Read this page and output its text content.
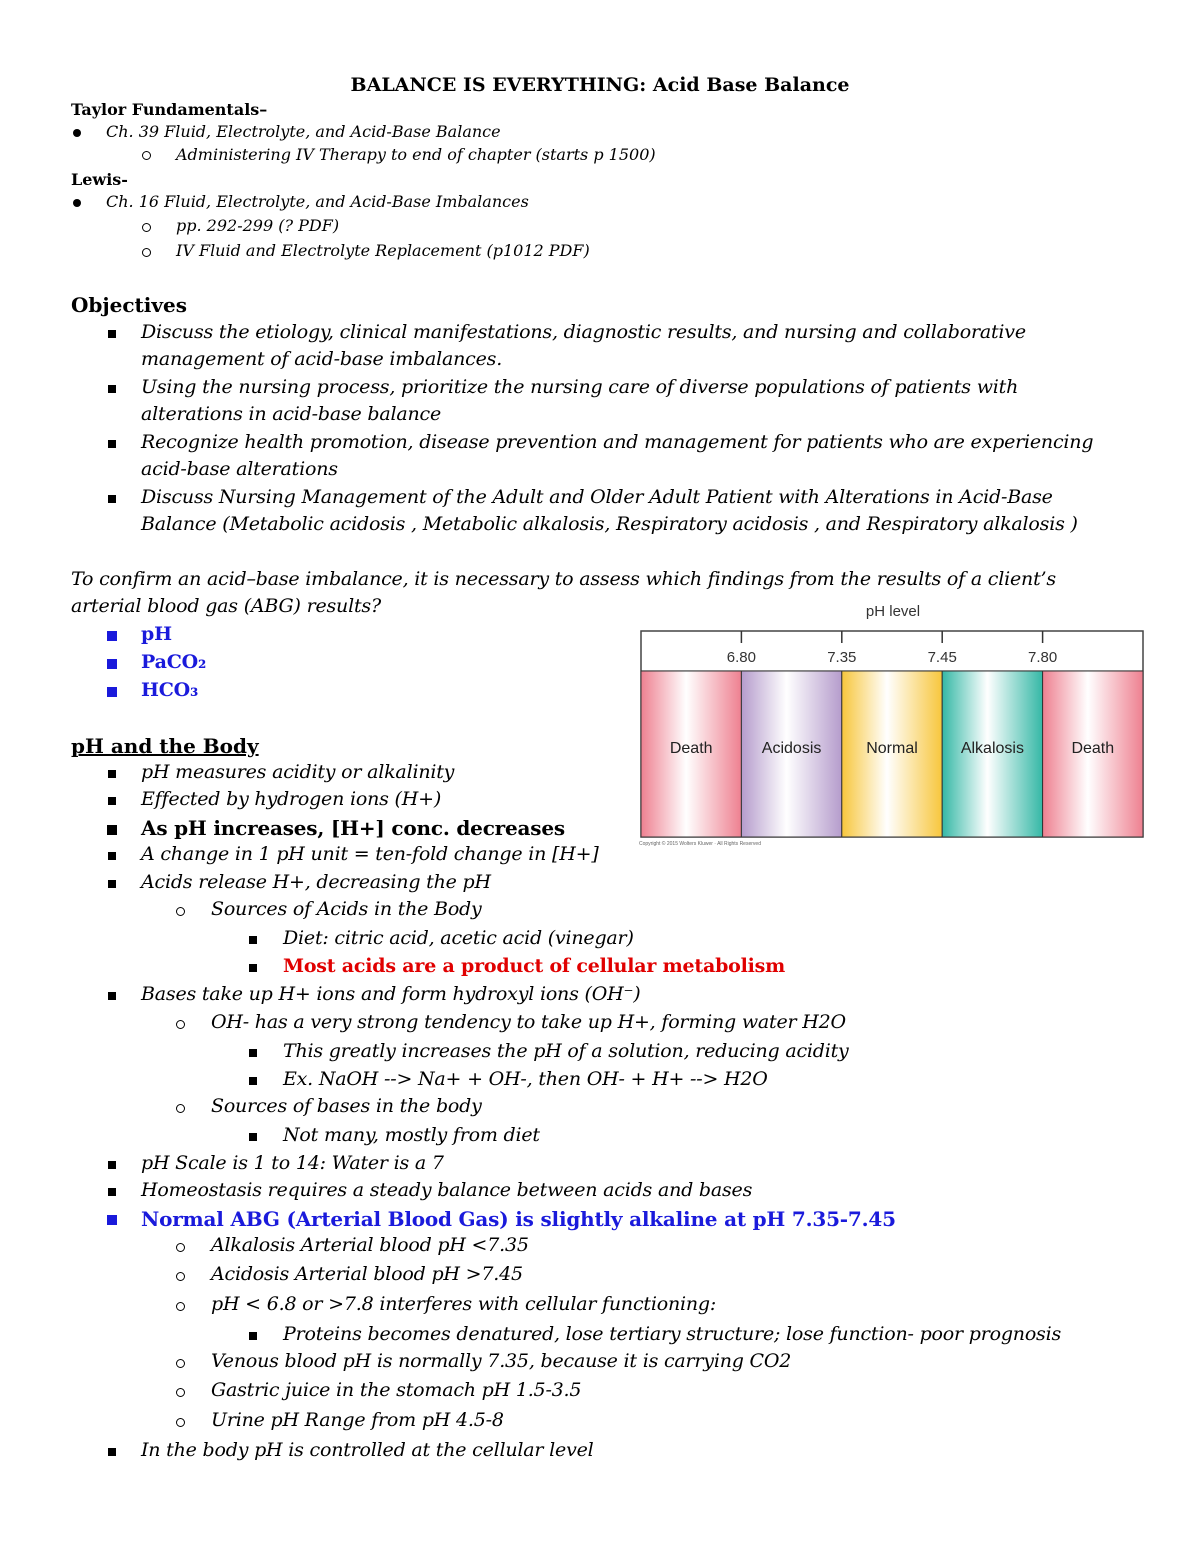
BALANCE IS EVERYTHING: Acid Base Balance
Taylor Fundamentals–
Ch. 39 Fluid, Electrolyte, and Acid-Base Balance
Administering IV Therapy to end of chapter (starts p 1500)
Lewis-
Ch. 16 Fluid, Electrolyte, and Acid-Base Imbalances
pp. 292-299 (? PDF)
IV Fluid and Electrolyte Replacement (p1012 PDF)
Objectives
Discuss the etiology, clinical manifestations, diagnostic results, and nursing and collaborative
management of acid-base imbalances.
Using the nursing process, prioritize the nursing care of diverse populations of patients with
alterations in acid-base balance
Recognize health promotion, disease prevention and management for patients who are experiencing
acid-base alterations
Discuss Nursing Management of the Adult and Older Adult Patient with Alterations in Acid-Base
Balance (Metabolic acidosis , Metabolic alkalosis, Respiratory acidosis , and Respiratory alkalosis )
To confirm an acid–base imbalance, it is necessary to assess which findings from the results of a client’s
arterial blood gas (ABG) results?
pH
PaCO₂
HCO₃
pH level
6.80	7.35	7.45	7.80
Death	Acidosis	Normal	Alkalosis	Death
Copyright © 2015 Wolters Kluwer · All Rights Reserved
pH and the Body
pH measures acidity or alkalinity
Effected by hydrogen ions (H+)
As pH increases, [H+] conc. decreases
A change in 1 pH unit = ten-fold change in [H+]
Acids release H+, decreasing the pH
Sources of Acids in the Body
Diet: citric acid, acetic acid (vinegar)
Most acids are a product of cellular metabolism
Bases take up H+ ions and form hydroxyl ions (OH⁻)
OH- has a very strong tendency to take up H+, forming water H2O
This greatly increases the pH of a solution, reducing acidity
Ex. NaOH --> Na+ + OH-, then OH- + H+ --> H2O
Sources of bases in the body
Not many, mostly from diet
pH Scale is 1 to 14: Water is a 7
Homeostasis requires a steady balance between acids and bases
Normal ABG (Arterial Blood Gas) is slightly alkaline at pH 7.35-7.45
Alkalosis Arterial blood pH <7.35
Acidosis Arterial blood pH >7.45
pH < 6.8 or >7.8 interferes with cellular functioning:
Proteins becomes denatured, lose tertiary structure; lose function- poor prognosis
Venous blood pH is normally 7.35, because it is carrying CO2
Gastric juice in the stomach pH 1.5-3.5
Urine pH Range from pH 4.5-8
In the body pH is controlled at the cellular level
